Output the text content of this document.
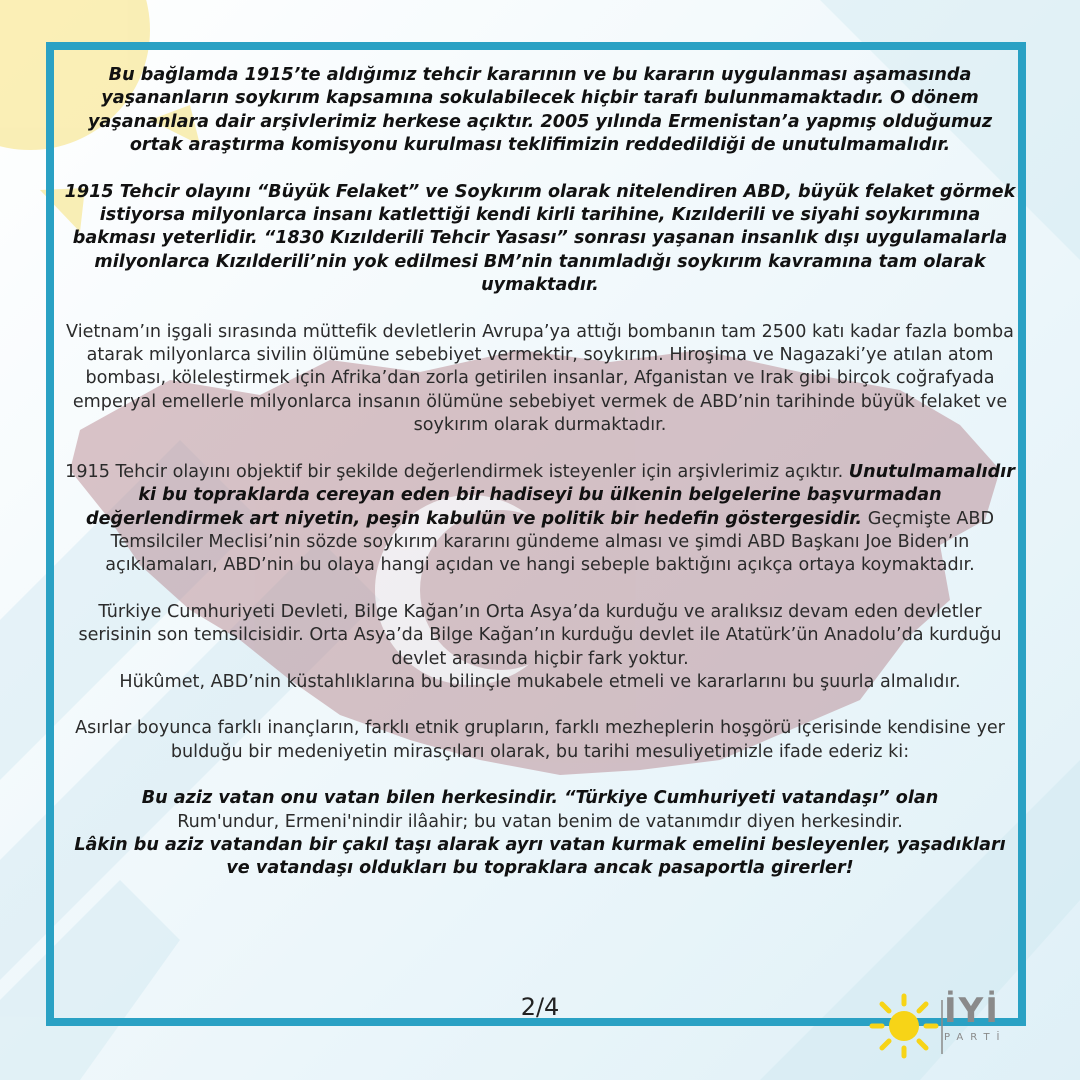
Bu bağlamda 1915’te aldığımız tehcir kararının ve bu kararın uygulanması aşamasında yaşananların soykırım kapsamına sokulabilecek hiçbir tarafı bulunmamaktadır. O dönem yaşananlara dair arşivlerimiz herkese açıktır. 2005 yılında Ermenistan’a yapmış olduğumuz ortak araştırma komisyonu kurulması teklifimizin reddedildiği de unutulmamalıdır.

1915 Tehcir olayını “Büyük Felaket” ve Soykırım olarak nitelendiren ABD, büyük felaket görmek istiyorsa milyonlarca insanı katlettiği kendi kirli tarihine, Kızılderili ve siyahi soykırımına bakması yeterlidir. “1830 Kızılderili Tehcir Yasası” sonrası yaşanan insanlık dışı uygulamalarla milyonlarca Kızılderili’nin yok edilmesi BM’nin tanımladığı soykırım kavramına tam olarak uymaktadır.

Vietnam’ın işgali sırasında müttefik devletlerin Avrupa’ya attığı bombanın tam 2500 katı kadar fazla bomba atarak milyonlarca sivilin ölümüne sebebiyet vermektir, soykırım. Hiroşima ve Nagazaki’ye atılan atom bombası, köleleştirmek için Afrika’dan zorla getirilen insanlar, Afganistan ve Irak gibi birçok coğrafyada emperyal emellerle milyonlarca insanın ölümüne sebebiyet vermek de ABD’nin tarihinde büyük felaket ve soykırım olarak durmaktadır.

1915 Tehcir olayını objektif bir şekilde değerlendirmek isteyenler için arşivlerimiz açıktır. Unutulmamalıdır ki bu topraklarda cereyan eden bir hadiseyi bu ülkenin belgelerine başvurmadan değerlendirmek art niyetin, peşin kabulün ve politik bir hedefin göstergesidir. Geçmişte ABD Temsilciler Meclisi’nin sözde soykırım kararını gündeme alması ve şimdi ABD Başkanı Joe Biden’ın açıklamaları, ABD’nin bu olaya hangi açıdan ve hangi sebeple baktığını açıkça ortaya koymaktadır.

Türkiye Cumhuriyeti Devleti, Bilge Kağan’ın Orta Asya’da kurduğu ve aralıksız devam eden devletler serisinin son temsilcisidir. Orta Asya’da Bilge Kağan’ın kurduğu devlet ile Atatürk’ün Anadolu’da kurduğu devlet arasında hiçbir fark yoktur.
Hükûmet, ABD’nin küstahlıklarına bu bilinçle mukabele etmeli ve kararlarını bu şuurla almalıdır.

Asırlar boyunca farklı inançların, farklı etnik grupların, farklı mezheplerin hoşgörü içerisinde kendisine yer bulduğu bir medeniyetin mirasçıları olarak, bu tarihi mesuliyetimizle ifade ederiz ki:

Bu aziz vatan onu vatan bilen herkesindir. “Türkiye Cumhuriyeti vatandaşı” olan
Rum'undur, Ermeni'nindir ilâahir; bu vatan benim de vatanımdır diyen herkesindir.
Lâkin bu aziz vatandan bir çakıl taşı alarak ayrı vatan kurmak emelini besleyenler, yaşadıkları ve vatandaşı oldukları bu topraklara ancak pasaportla girerler!

2/4	İYİ
PARTİ
